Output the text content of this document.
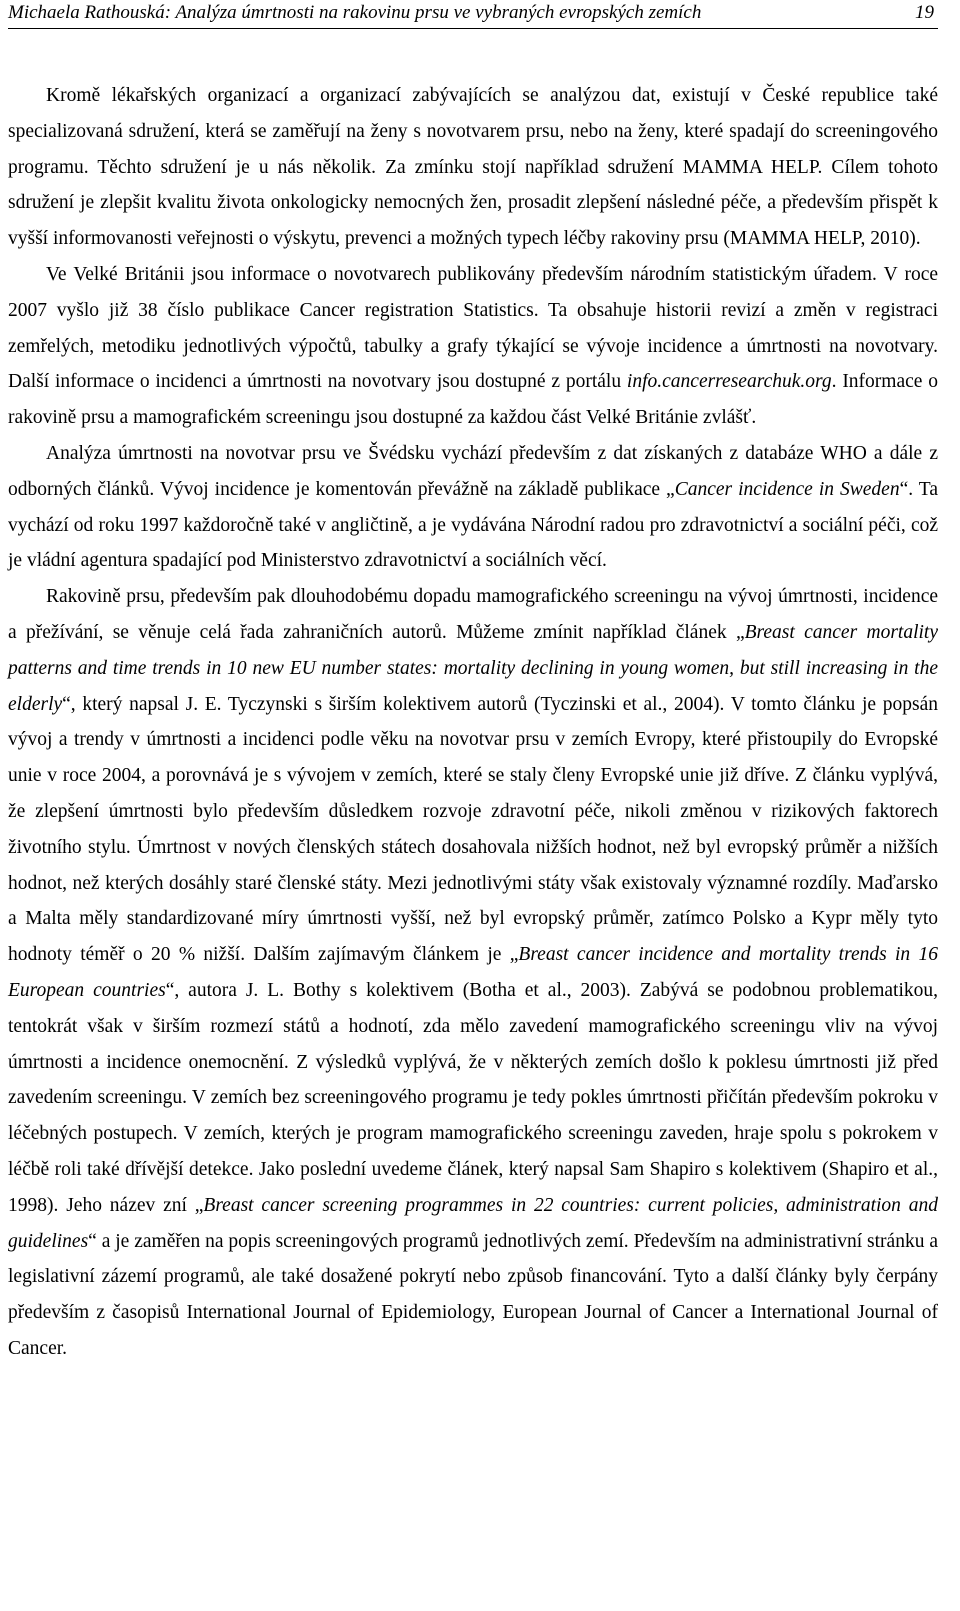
Michaela Rathouská: Analýza úmrtnosti na rakovinu prsu ve vybraných evropských zemích	19

Kromě lékařských organizací a organizací zabývajících se analýzou dat, existují v České republice také specializovaná sdružení, která se zaměřují na ženy s novotvarem prsu, nebo na ženy, které spadají do screeningového programu. Těchto sdružení je u nás několik. Za zmínku stojí například sdružení MAMMA HELP. Cílem tohoto sdružení je zlepšit kvalitu života onkologicky nemocných žen, prosadit zlepšení následné péče, a především přispět k vyšší informovanosti veřejnosti o výskytu, prevenci a možných typech léčby rakoviny prsu (MAMMA HELP, 2010).

Ve Velké Británii jsou informace o novotvarech publikovány především národním statistickým úřadem. V roce 2007 vyšlo již 38 číslo publikace Cancer registration Statistics. Ta obsahuje historii revizí a změn v registraci zemřelých, metodiku jednotlivých výpočtů, tabulky a grafy týkající se vývoje incidence a úmrtnosti na novotvary. Další informace o incidenci a úmrtnosti na novotvary jsou dostupné z portálu info.cancerresearchuk.org. Informace o rakovině prsu a mamografickém screeningu jsou dostupné za každou část Velké Británie zvlášť.

Analýza úmrtnosti na novotvar prsu ve Švédsku vychází především z dat získaných z databáze WHO a dále z odborných článků. Vývoj incidence je komentován převážně na základě publikace „Cancer incidence in Sweden“. Ta vychází od roku 1997 každoročně také v angličtině, a je vydávána Národní radou pro zdravotnictví a sociální péči, což je vládní agentura spadající pod Ministerstvo zdravotnictví a sociálních věcí.

Rakovině prsu, především pak dlouhodobému dopadu mamografického screeningu na vývoj úmrtnosti, incidence a přežívání, se věnuje celá řada zahraničních autorů. Můžeme zmínit například článek „Breast cancer mortality patterns and time trends in 10 new EU number states: mortality declining in young women, but still increasing in the elderly“, který napsal J. E. Tyczynski s širším kolektivem autorů (Tyczinski et al., 2004). V tomto článku je popsán vývoj a trendy v úmrtnosti a incidenci podle věku na novotvar prsu v zemích Evropy, které přistoupily do Evropské unie v roce 2004, a porovnává je s vývojem v zemích, které se staly členy Evropské unie již dříve. Z článku vyplývá, že zlepšení úmrtnosti bylo především důsledkem rozvoje zdravotní péče, nikoli změnou v rizikových faktorech životního stylu. Úmrtnost v nových členských státech dosahovala nižších hodnot, než byl evropský průměr a nižších hodnot, než kterých dosáhly staré členské státy. Mezi jednotlivými státy však existovaly významné rozdíly. Maďarsko a Malta měly standardizované míry úmrtnosti vyšší, než byl evropský průměr, zatímco Polsko a Kypr měly tyto hodnoty téměř o 20 % nižší. Dalším zajímavým článkem je „Breast cancer incidence and mortality trends in 16 European countries“, autora J. L. Bothy s kolektivem (Botha et al., 2003). Zabývá se podobnou problematikou, tentokrát však v širším rozmezí států a hodnotí, zda mělo zavedení mamografického screeningu vliv na vývoj úmrtnosti a incidence onemocnění. Z výsledků vyplývá, že v některých zemích došlo k poklesu úmrtnosti již před zavedením screeningu. V zemích bez screeningového programu je tedy pokles úmrtnosti přičítán především pokroku v léčebných postupech. V zemích, kterých je program mamografického screeningu zaveden, hraje spolu s pokrokem v léčbě roli také dřívější detekce. Jako poslední uvedeme článek, který napsal Sam Shapiro s kolektivem (Shapiro et al., 1998). Jeho název zní „Breast cancer screening programmes in 22 countries: current policies, administration and guidelines“ a je zaměřen na popis screeningových programů jednotlivých zemí. Především na administrativní stránku a legislativní zázemí programů, ale také dosažené pokrytí nebo způsob financování. Tyto a další články byly čerpány především z časopisů International Journal of Epidemiology, European Journal of Cancer a International Journal of Cancer.
